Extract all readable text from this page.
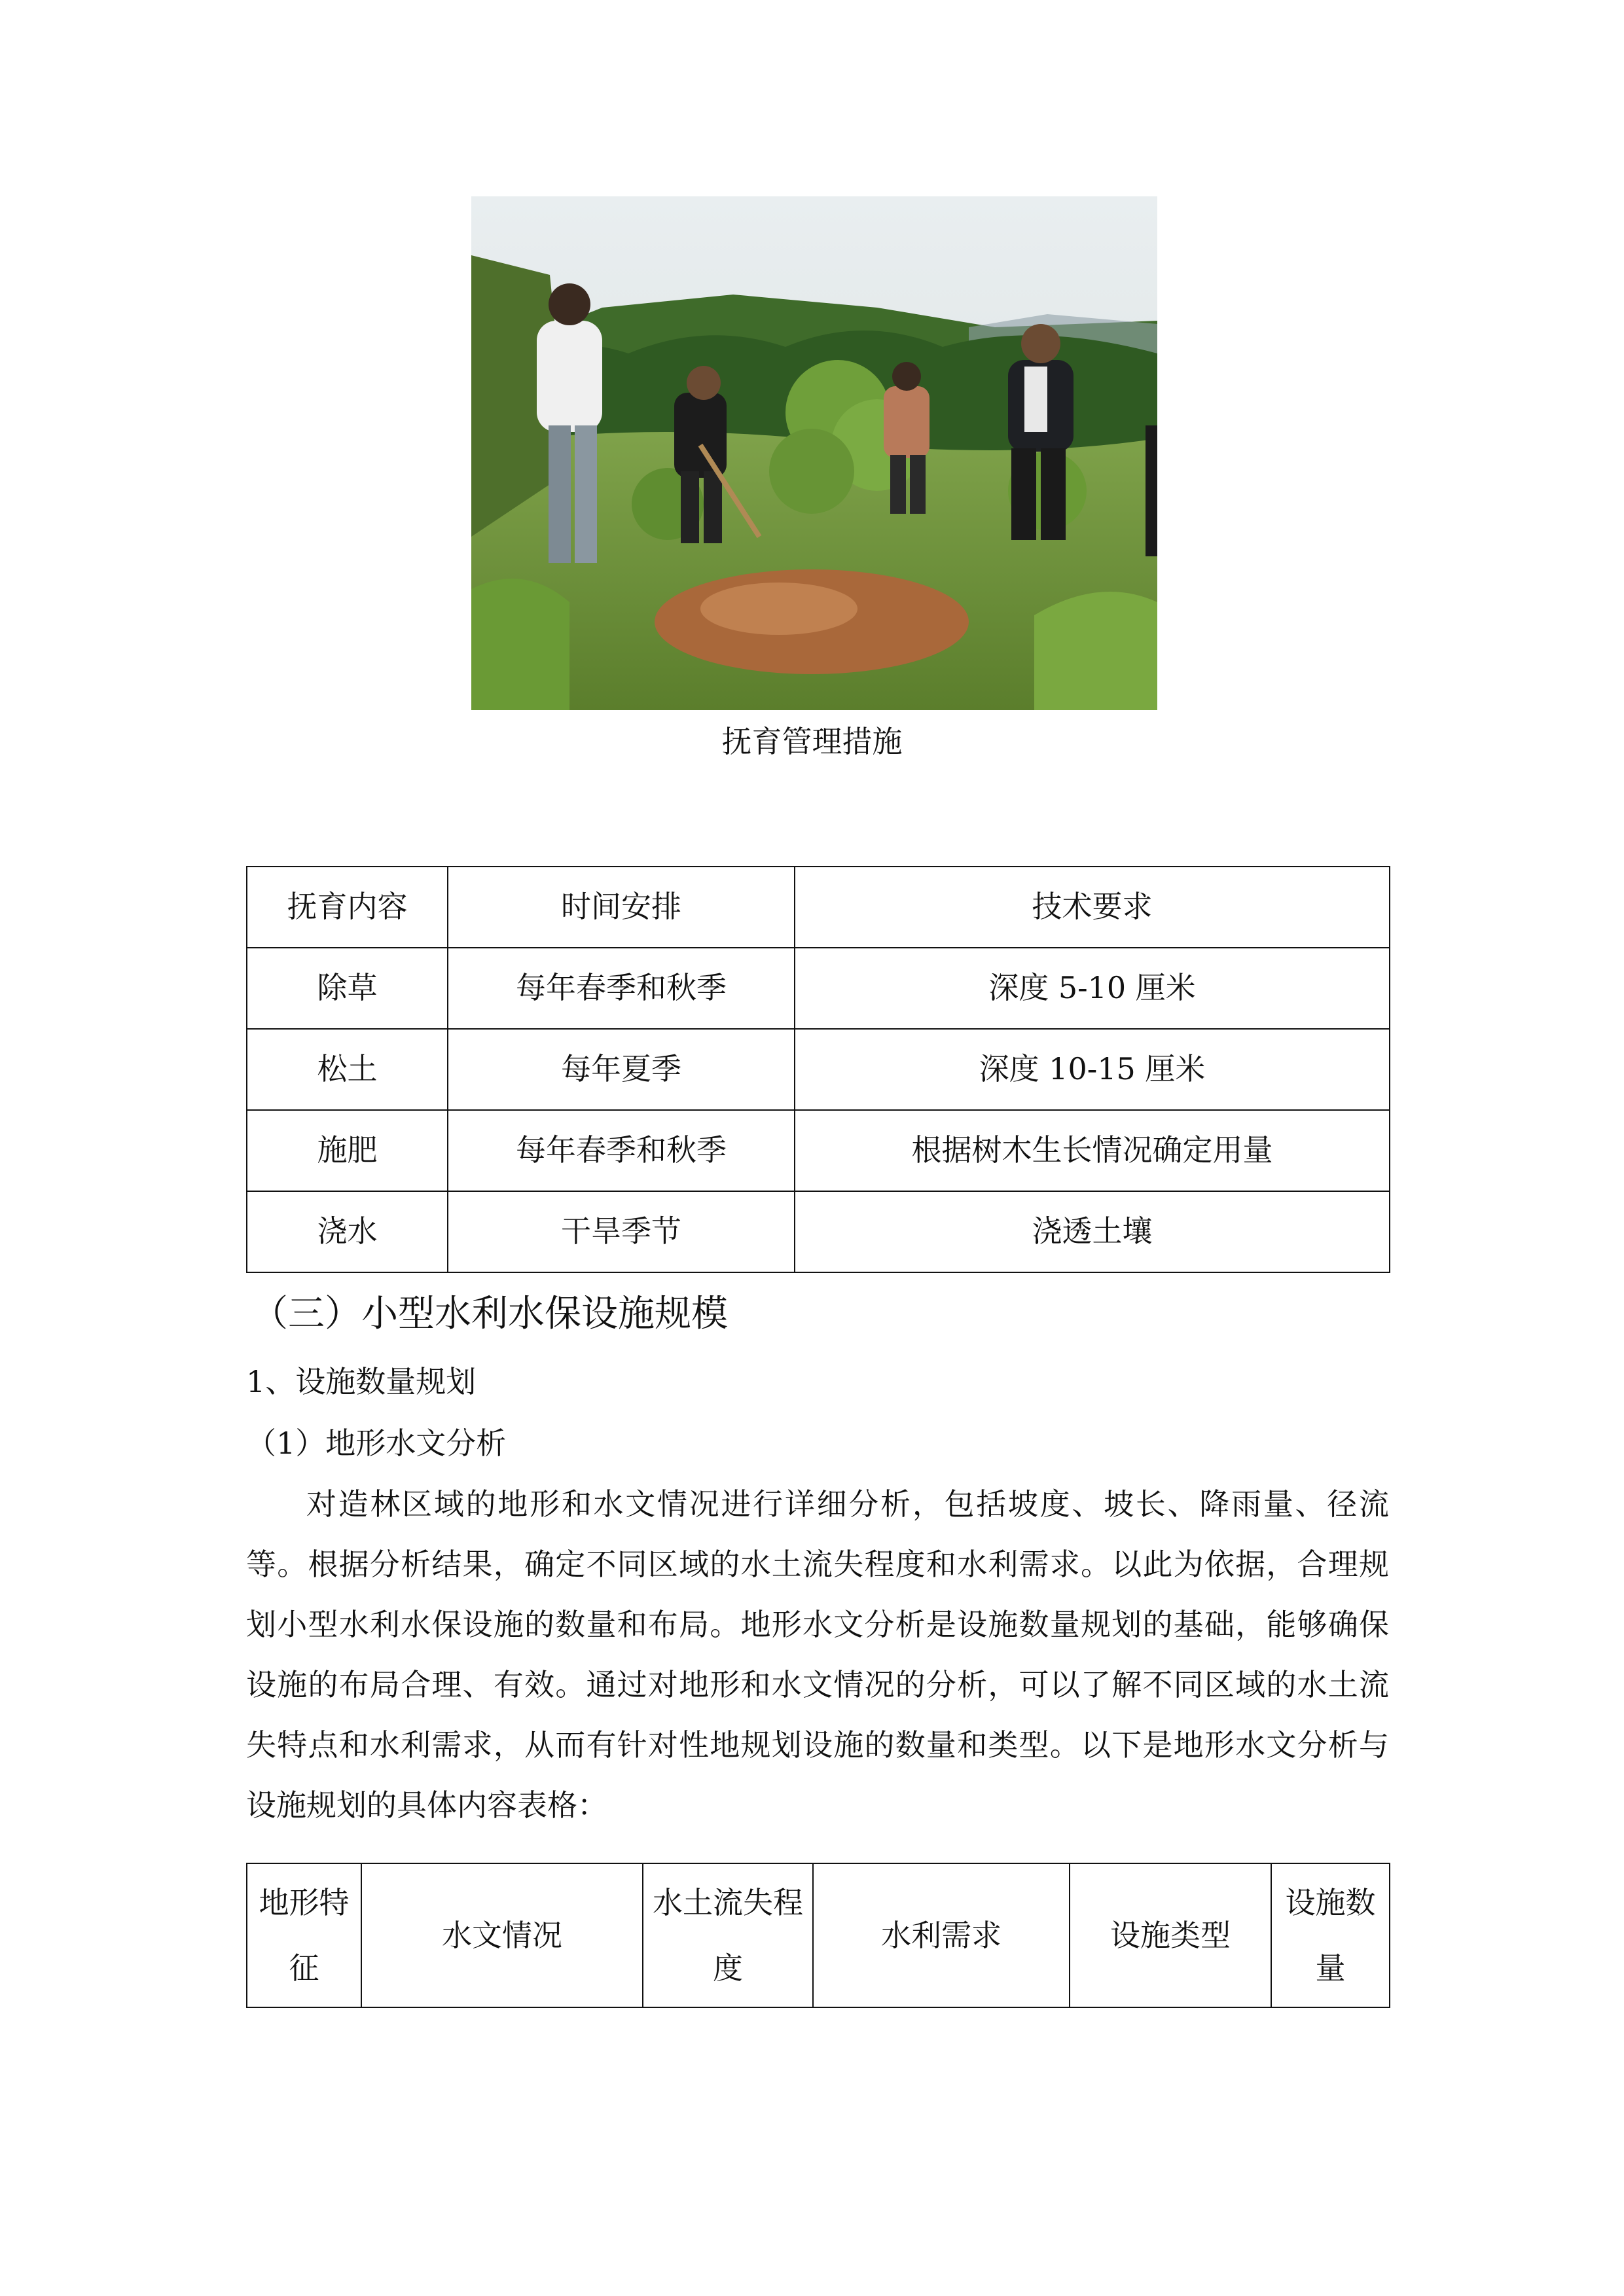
抚育管理措施
抚育内容	时间安排	技术要求
除草	每年春季和秋季	深度 5-10 厘米
松土	每年夏季	深度 10-15 厘米
施肥	每年春季和秋季	根据树木生长情况确定用量
浇水	干旱季节	浇透土壤
（三）小型水利水保设施规模
1、设施数量规划
（1）地形水文分析
对造林区域的地形和水文情况进行详细分析，包括坡度、坡长、降雨量、径流等。根据分析结果，确定不同区域的水土流失程度和水利需求。以此为依据，合理规划小型水利水保设施的数量和布局。地形水文分析是设施数量规划的基础，能够确保设施的布局合理、有效。通过对地形和水文情况的分析，可以了解不同区域的水土流失特点和水利需求，从而有针对性地规划设施的数量和类型。以下是地形水文分析与设施规划的具体内容表格：
地形特征	水文情况	水土流失程度	水利需求	设施类型	设施数量
